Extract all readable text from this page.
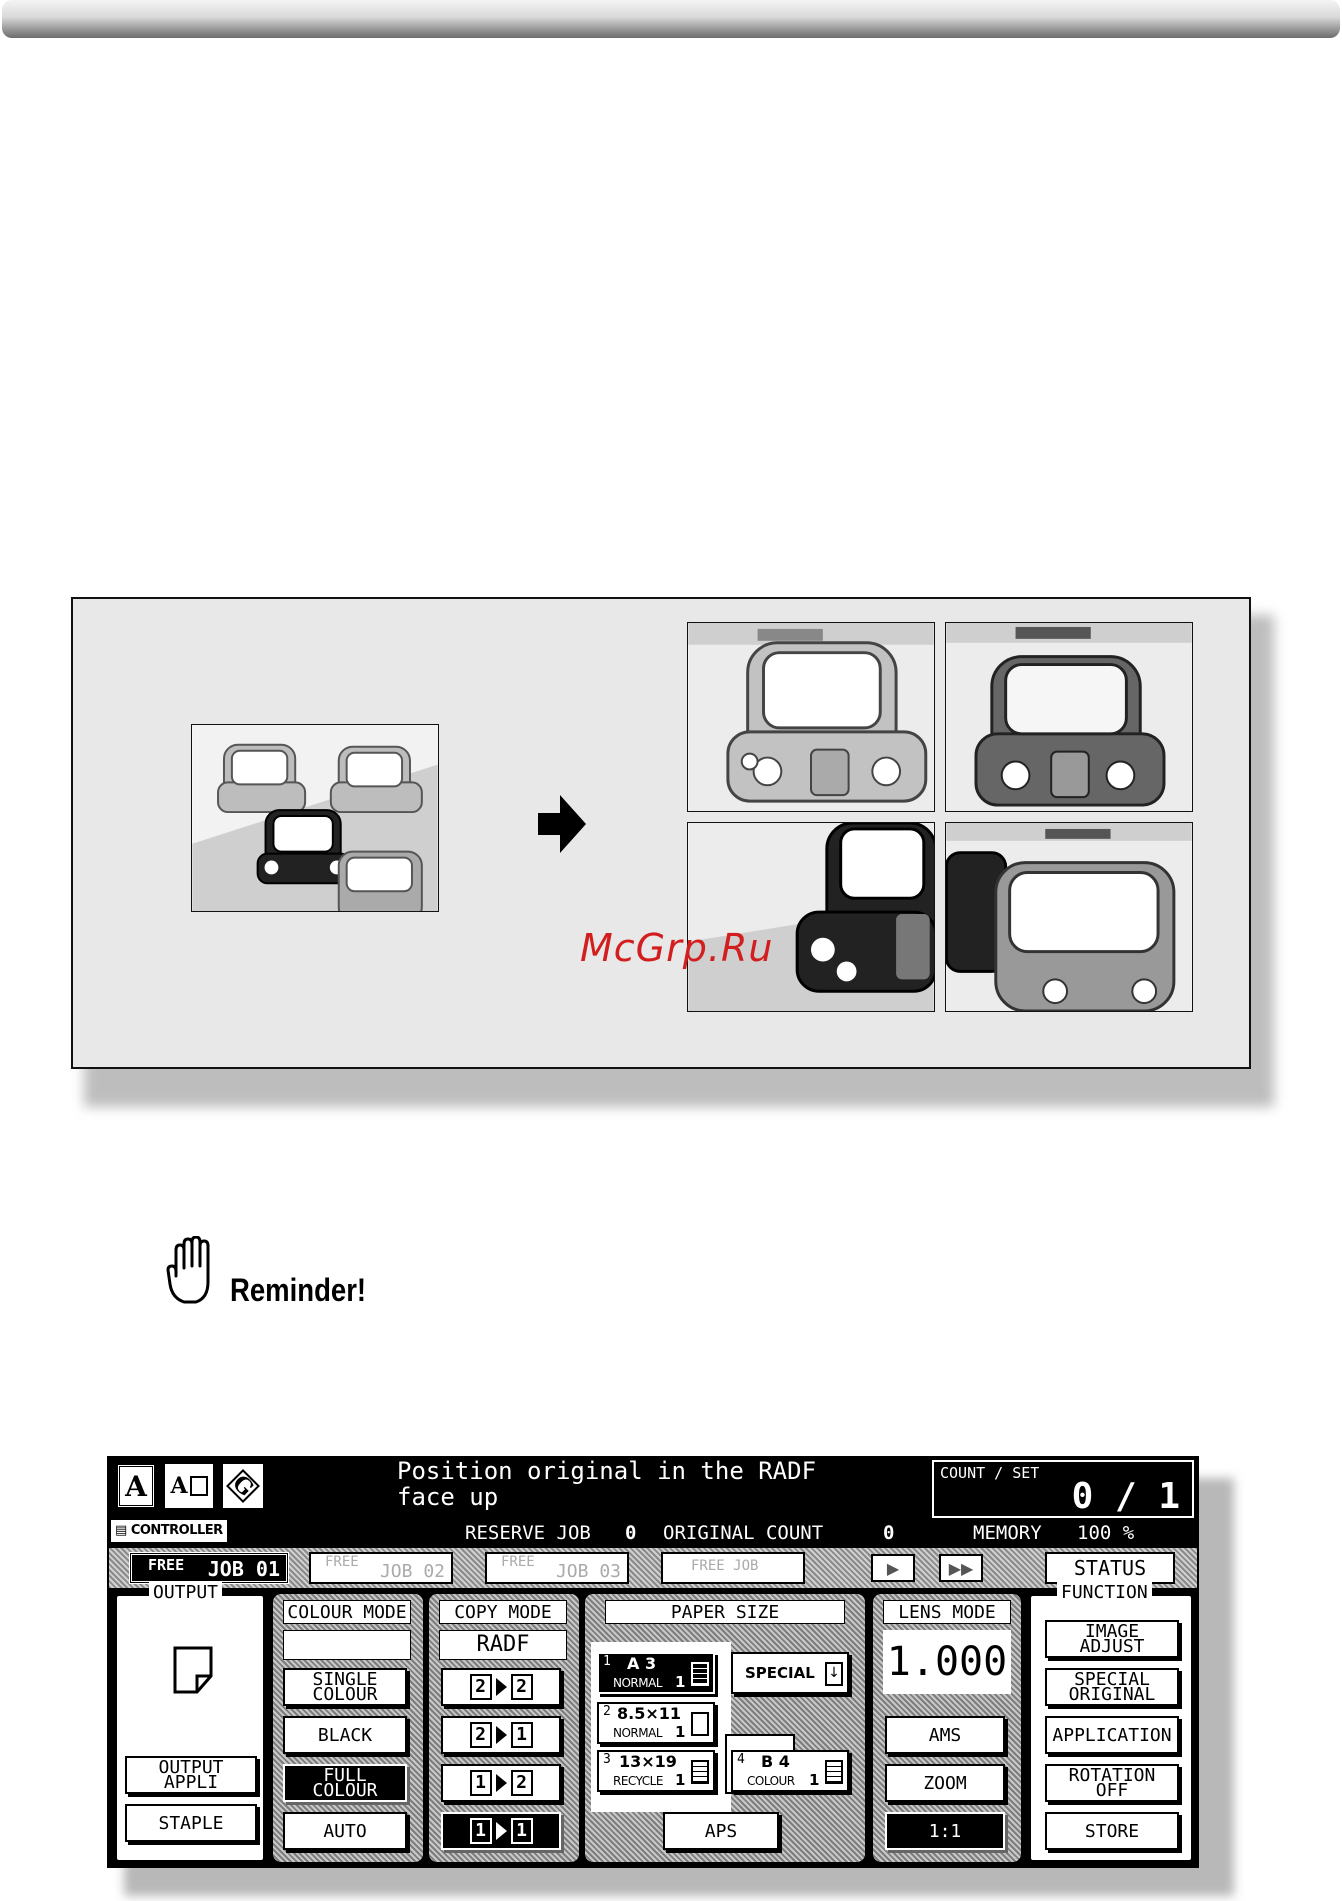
McGrp.Ru
Reminder!
A A G	Position original in the RADF
face up
COUNT / SET
0 / 1
▤ CONTROLLER	RESERVE JOB 0 ORIGINAL COUNT	0	MEMORY 100 %
FREE JOB 01	FREE JOB 02	FREE JOB 03	FREE JOB	▶	▶▶	STATUS
OUTPUT
OUTPUT
APPLI
STAPLE
COLOUR MODE
SINGLE
COLOUR
BLACK
FULL
COLOUR
AUTO
COPY MODE
RADF
2	2
2	1
1	2
1	1
PAPER SIZE
1 A 3
NORMAL 1
2 8.5×11
NORMAL 1
3 13×19
RECYCLE 1
4 B 4
COLOUR 1
SPECIAL ↓
APS
LENS MODE
1.000
AMS
ZOOM
1:1
FUNCTION
IMAGE
ADJUST
SPECIAL
ORIGINAL
APPLICATION
ROTATION
OFF
STORE
